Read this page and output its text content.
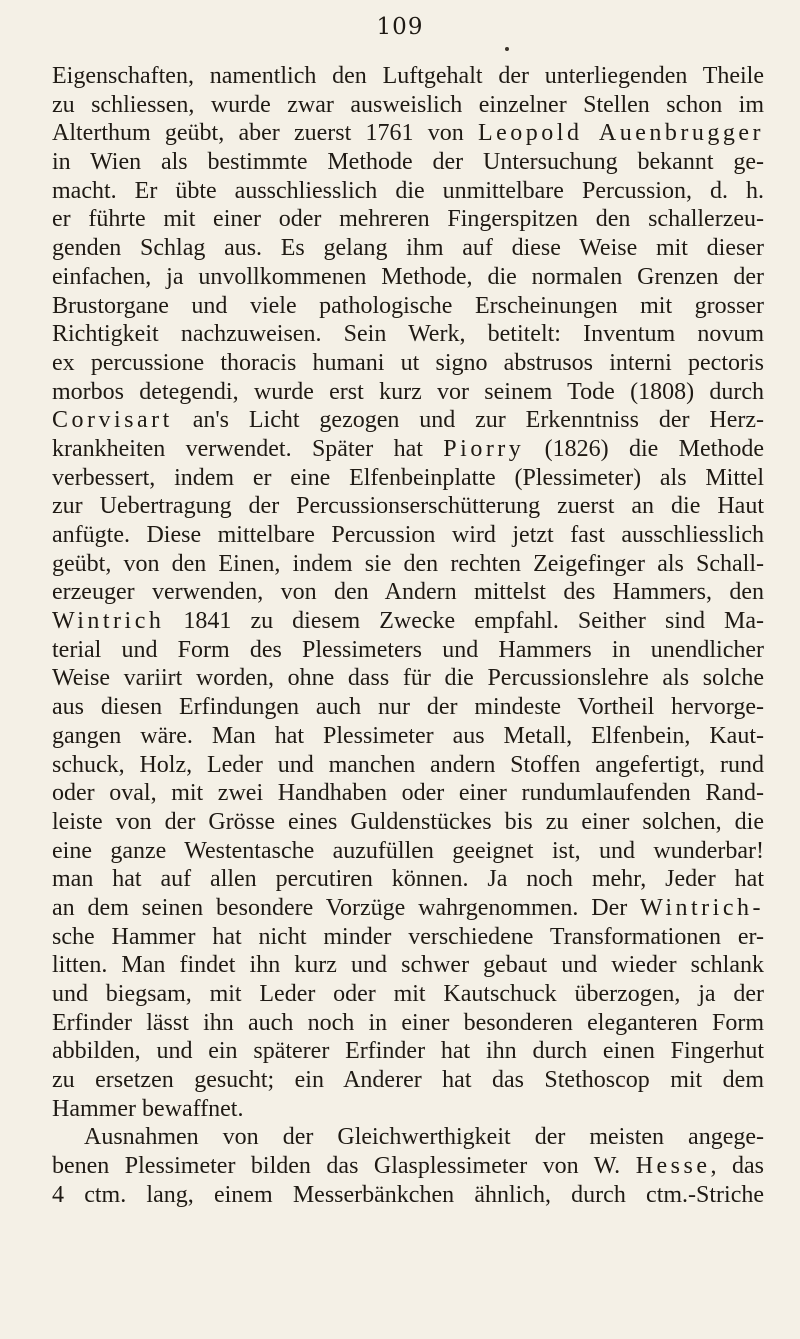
109
Eigenschaften, namentlich den Luftgehalt der unterliegenden Theile
zu schliessen, wurde zwar ausweislich einzelner Stellen schon im
Alterthum geübt, aber zuerst 1761 von Leopold Auenbrugger
in Wien als bestimmte Methode der Untersuchung bekannt ge-
macht. Er übte ausschliesslich die unmittelbare Percussion, d. h.
er führte mit einer oder mehreren Fingerspitzen den schallerzeu-
genden Schlag aus. Es gelang ihm auf diese Weise mit dieser
einfachen, ja unvollkommenen Methode, die normalen Grenzen der
Brustorgane und viele pathologische Erscheinungen mit grosser
Richtigkeit nachzuweisen. Sein Werk, betitelt: Inventum novum
ex percussione thoracis humani ut signo abstrusos interni pectoris
morbos detegendi, wurde erst kurz vor seinem Tode (1808) durch
Corvisart an's Licht gezogen und zur Erkenntniss der Herz-
krankheiten verwendet. Später hat Piorry (1826) die Methode
verbessert, indem er eine Elfenbeinplatte (Plessimeter) als Mittel
zur Uebertragung der Percussionserschütterung zuerst an die Haut
anfügte. Diese mittelbare Percussion wird jetzt fast ausschliesslich
geübt, von den Einen, indem sie den rechten Zeigefinger als Schall-
erzeuger verwenden, von den Andern mittelst des Hammers, den
Wintrich 1841 zu diesem Zwecke empfahl. Seither sind Ma-
terial und Form des Plessimeters und Hammers in unendlicher
Weise variirt worden, ohne dass für die Percussionslehre als solche
aus diesen Erfindungen auch nur der mindeste Vortheil hervorge-
gangen wäre. Man hat Plessimeter aus Metall, Elfenbein, Kaut-
schuck, Holz, Leder und manchen andern Stoffen angefertigt, rund
oder oval, mit zwei Handhaben oder einer rundumlaufenden Rand-
leiste von der Grösse eines Guldenstückes bis zu einer solchen, die
eine ganze Westentasche auzufüllen geeignet ist, und wunderbar!
man hat auf allen percutiren können. Ja noch mehr, Jeder hat
an dem seinen besondere Vorzüge wahrgenommen. Der Wintrich-
sche Hammer hat nicht minder verschiedene Transformationen er-
litten. Man findet ihn kurz und schwer gebaut und wieder schlank
und biegsam, mit Leder oder mit Kautschuck überzogen, ja der
Erfinder lässt ihn auch noch in einer besonderen eleganteren Form
abbilden, und ein späterer Erfinder hat ihn durch einen Fingerhut
zu ersetzen gesucht; ein Anderer hat das Stethoscop mit dem
Hammer bewaffnet.
Ausnahmen von der Gleichwerthigkeit der meisten angege-
benen Plessimeter bilden das Glasplessimeter von W. Hesse, das
4 ctm. lang, einem Messerbänkchen ähnlich, durch ctm.-Striche
